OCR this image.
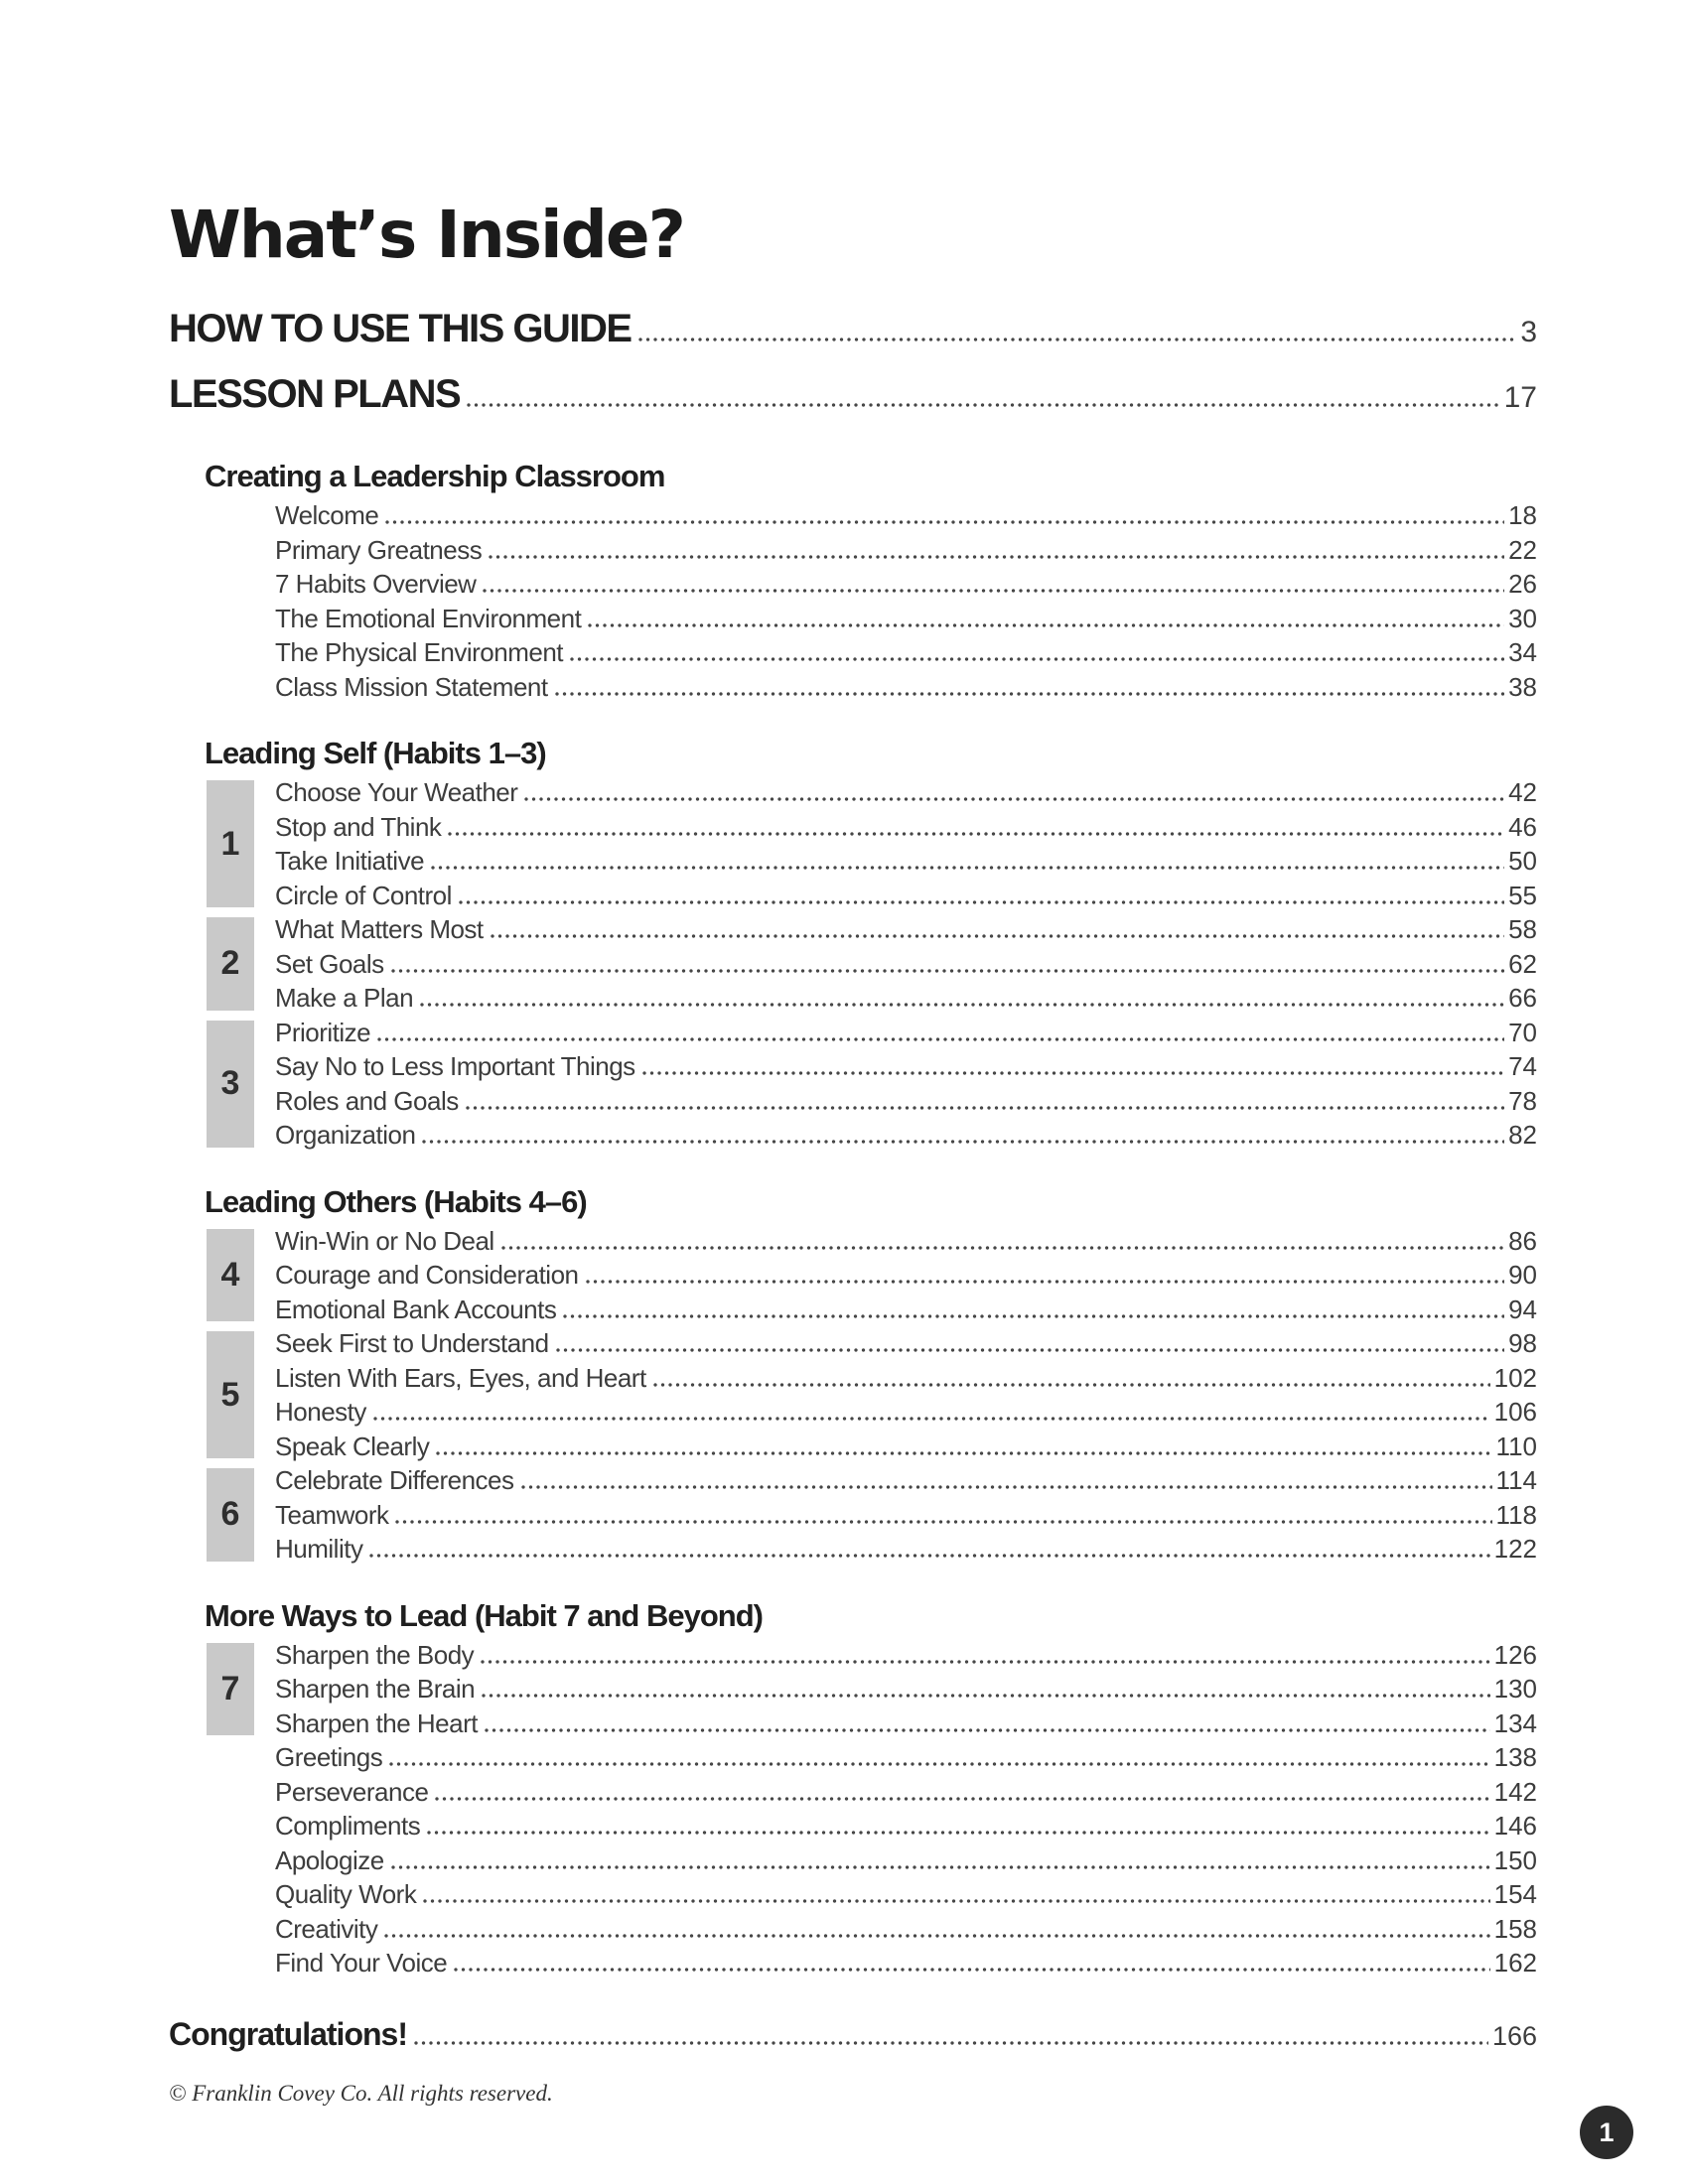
What’s Inside?
HOW TO USE THIS GUIDE	3
LESSON PLANS	17
Creating a Leadership Classroom
Welcome	18
Primary Greatness	22
7 Habits Overview	26
The Emotional Environment	30
The Physical Environment	34
Class Mission Statement	38
Leading Self (Habits 1–3)
1
Choose Your Weather	42
Stop and Think	46
Take Initiative	50
Circle of Control	55
2
What Matters Most	58
Set Goals	62
Make a Plan	66
3
Prioritize	70
Say No to Less Important Things	74
Roles and Goals	78
Organization	82
Leading Others (Habits 4–6)
4
Win-Win or No Deal	86
Courage and Consideration	90
Emotional Bank Accounts	94
5
Seek First to Understand	98
Listen With Ears, Eyes, and Heart	102
Honesty	106
Speak Clearly	110
6
Celebrate Differences	114
Teamwork	118
Humility	122
More Ways to Lead (Habit 7 and Beyond)
7
Sharpen the Body	126
Sharpen the Brain	130
Sharpen the Heart	134
Greetings	138
Perseverance	142
Compliments	146
Apologize	150
Quality Work	154
Creativity	158
Find Your Voice	162
Congratulations!	166
© Franklin Covey Co. All rights reserved.
1
